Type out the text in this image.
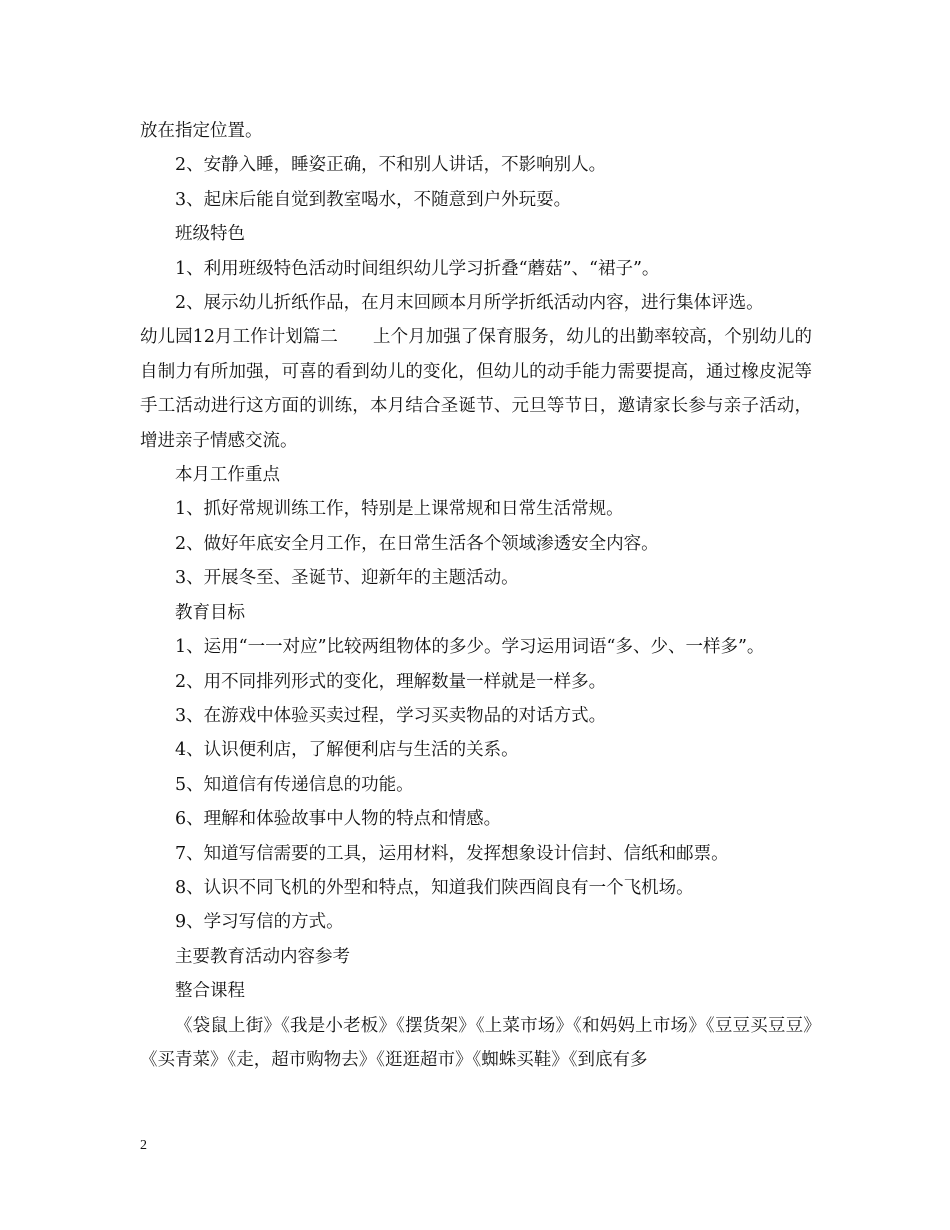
放在指定位置。

2、安静入睡，睡姿正确，不和别人讲话，不影响别人。

3、起床后能自觉到教室喝水，不随意到户外玩耍。

班级特色

1、利用班级特色活动时间组织幼儿学习折叠“蘑菇”、“裙子”。

2、展示幼儿折纸作品，在月末回顾本月所学折纸活动内容，进行集体评选。

幼儿园12月工作计划篇二　　上个月加强了保育服务，幼儿的出勤率较高，个别幼儿的自制力有所加强，可喜的看到幼儿的变化，但幼儿的动手能力需要提高，通过橡皮泥等手工活动进行这方面的训练，本月结合圣诞节、元旦等节日，邀请家长参与亲子活动，增进亲子情感交流。

本月工作重点

1、抓好常规训练工作，特别是上课常规和日常生活常规。

2、做好年底安全月工作，在日常生活各个领域渗透安全内容。

3、开展冬至、圣诞节、迎新年的主题活动。

教育目标

1、运用“一一对应”比较两组物体的多少。学习运用词语“多、少、一样多”。

2、用不同排列形式的变化，理解数量一样就是一样多。

3、在游戏中体验买卖过程，学习买卖物品的对话方式。

4、认识便利店，了解便利店与生活的关系。

5、知道信有传递信息的功能。

6、理解和体验故事中人物的特点和情感。

7、知道写信需要的工具，运用材料，发挥想象设计信封、信纸和邮票。

8、认识不同飞机的外型和特点，知道我们陕西阎良有一个飞机场。

9、学习写信的方式。

主要教育活动内容参考

整合课程

《袋鼠上街》《我是小老板》《摆货架》《上菜市场》《和妈妈上市场》《豆豆买豆豆》《买青菜》《走，超市购物去》《逛逛超市》《蜘蛛买鞋》《到底有多

2
